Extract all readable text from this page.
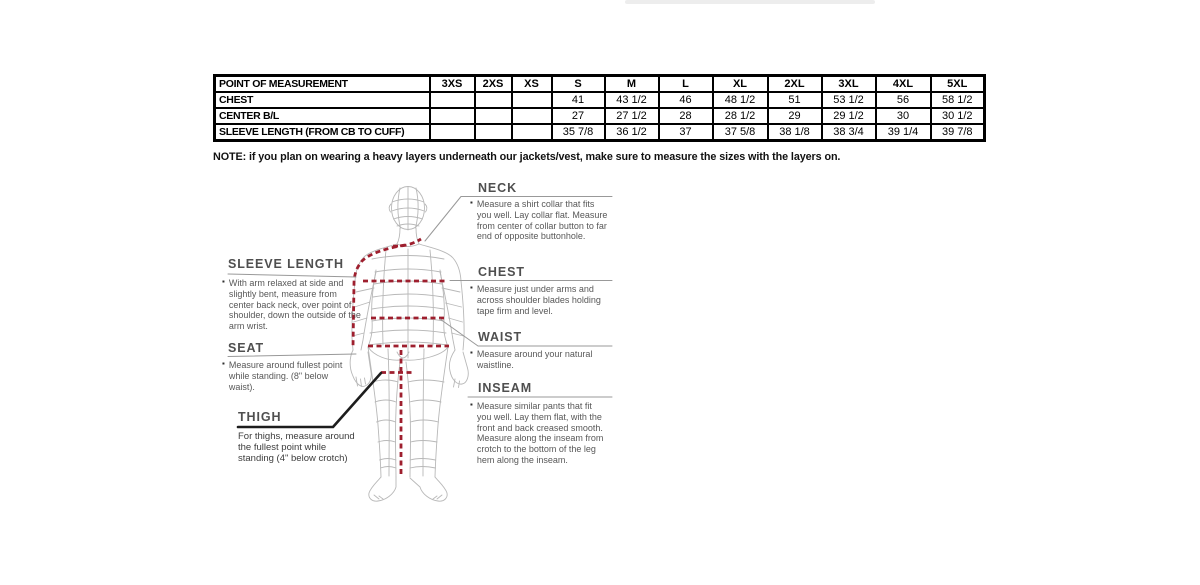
POINT OF MEASUREMENT	3XS	2XS	XS	S	M	L	XL	2XL	3XL	4XL	5XL
CHEST				41	43 1/2	46	48 1/2	51	53 1/2	56	58 1/2
CENTER B/L				27	27 1/2	28	28 1/2	29	29 1/2	30	30 1/2
SLEEVE LENGTH (FROM CB TO CUFF)				35 7/8	36 1/2	37	37 5/8	38 1/8	38 3/4	39 1/4	39 7/8
NOTE: if you plan on wearing a heavy layers underneath our jackets/vest, make sure to measure the sizes with the layers on.
NECK
▪
Measure a shirt collar that fits you well. Lay collar flat. Measure from center of collar button to far end of opposite buttonhole.
CHEST
▪
Measure just under arms and across shoulder blades holding tape firm and level.
WAIST
▪
Measure around your natural waistline.
INSEAM
▪
Measure similar pants that fit you well. Lay them flat, with the front and back creased smooth. Measure along the inseam from crotch to the bottom of the leg hem along the inseam.
SLEEVE LENGTH
▪
With arm relaxed at side and slightly bent, measure from center back neck, over point of shoulder, down the outside of the arm wrist.
SEAT
▪
Measure around fullest point while standing. (8" below waist).
THIGH
For thighs, measure around the fullest point while standing (4" below crotch)
